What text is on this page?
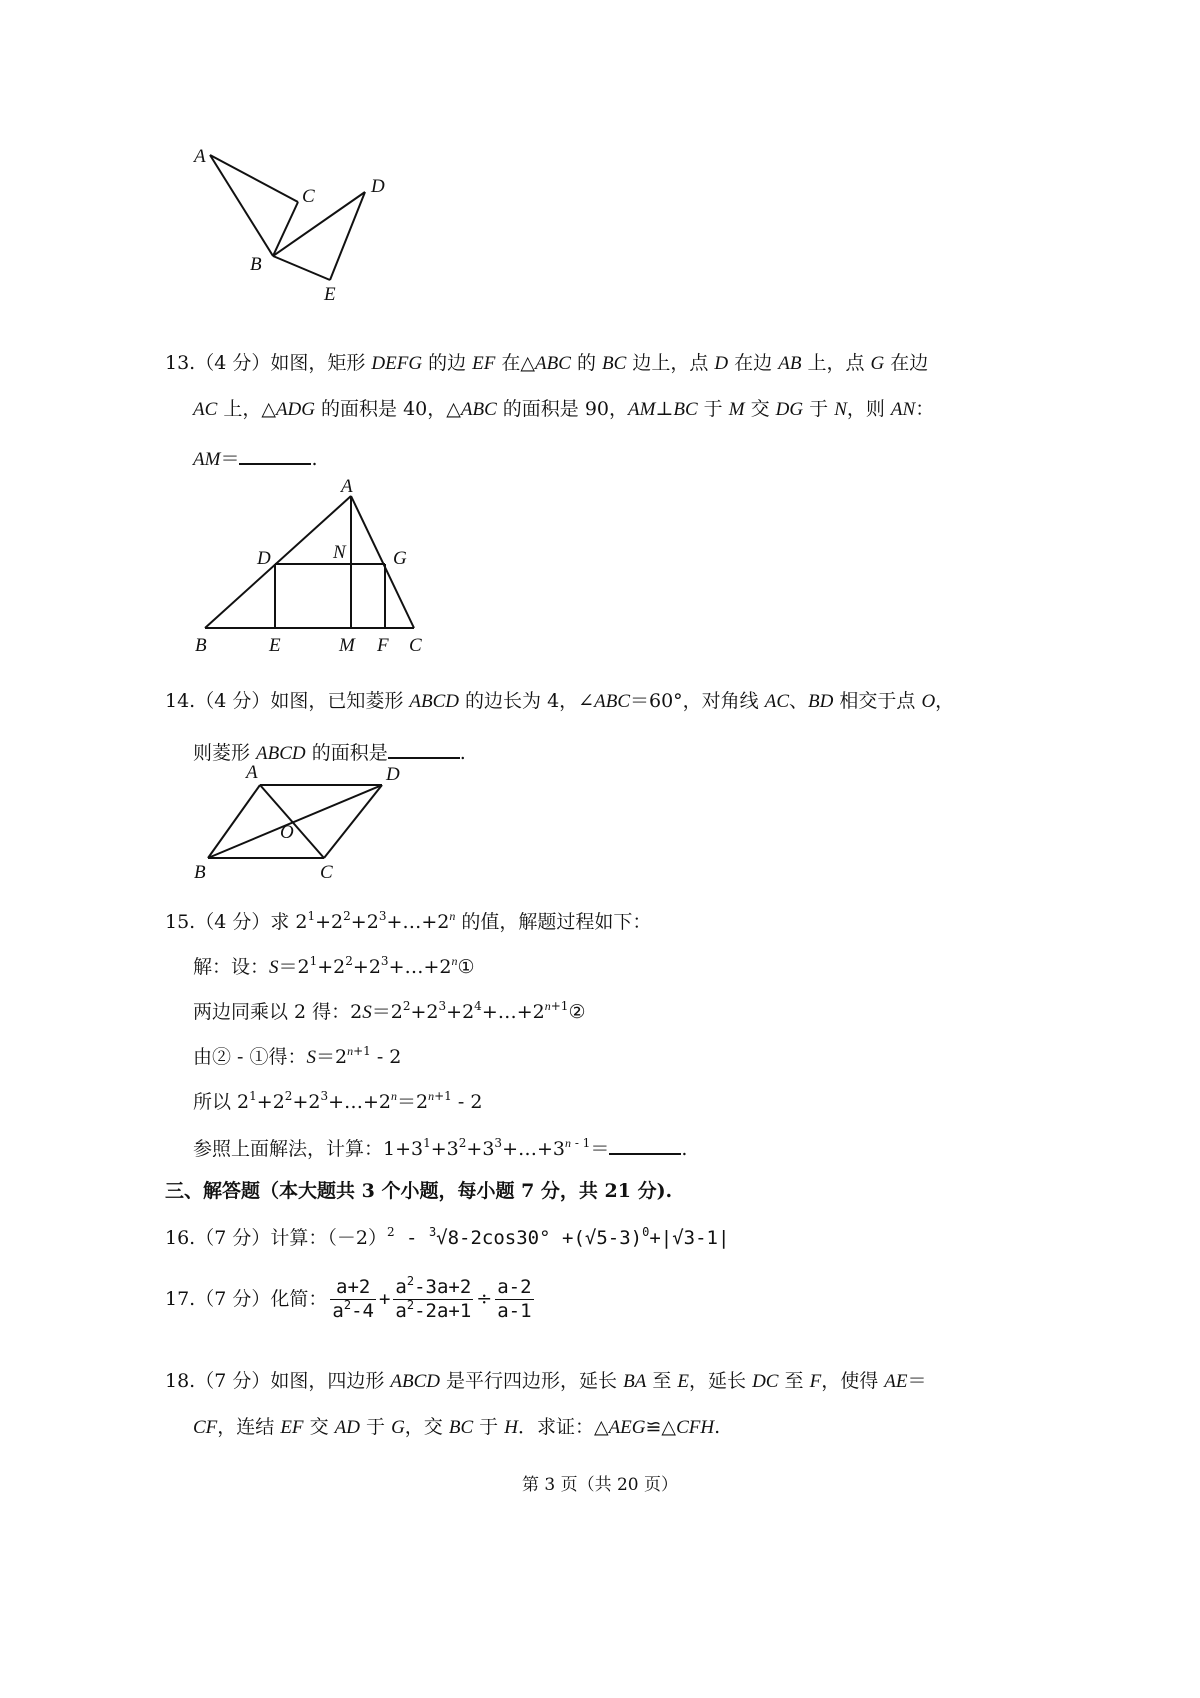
A
C	D
B
E
13.（4 分）如图，矩形 DEFG 的边 EF 在△ABC 的 BC 边上，点 D 在边 AB 上，点 G 在边
AC 上，△ADG 的面积是 40，△ABC 的面积是 90，AM⊥BC 于 M 交 DG 于 N，则 AN：
AM＝	.
A
D	N G
B	E	M F C
14.（4 分）如图，已知菱形 ABCD 的边长为 4，∠ABC＝60°，对角线 AC、BD 相交于点 O，
则菱形 ABCD 的面积是	.
A	D
O
B	C
15.（4 分）求 $2^1+2^2+2^3+\dots+2^n$ 的值，解题过程如下：
解：设：$S=2^1+2^2+2^3+\dots+2^n①$
两边同乘以 2 得：$2S=2^2+2^3+2^4+\dots+2^{n+1}②$
由② - ①得：$S=2^{n+1} - 2$
所以 $2^1+2^2+2^3+\dots+2^n=2^{n+1} - 2$
参照上面解法，计算：$1+3^1+3^2+3^3+\dots+3^{n - 1}=$	.
三、解答题（本大题共 3 个小题，每小题 7 分，共 21 分).
16.（7 分）计算：$(-2)^2 - ^3√8-2\cos 30^\circ +(√5-3)^0+|√3-1|$
17.（7 分）化简： $\frac{a+2}{a^2-4} + \frac{a^2-3a+2}{a^2-2a+1} \div \frac{a-2}{a-1}$
18.（7 分）如图，四边形 ABCD 是平行四边形，延长 BA 至 E，延长 DC 至 F，使得 AE＝
CF，连结 EF 交 AD 于 G，交 BC 于 H．求证：△AEG≌△CFH.
第 3 页（共 20 页）
